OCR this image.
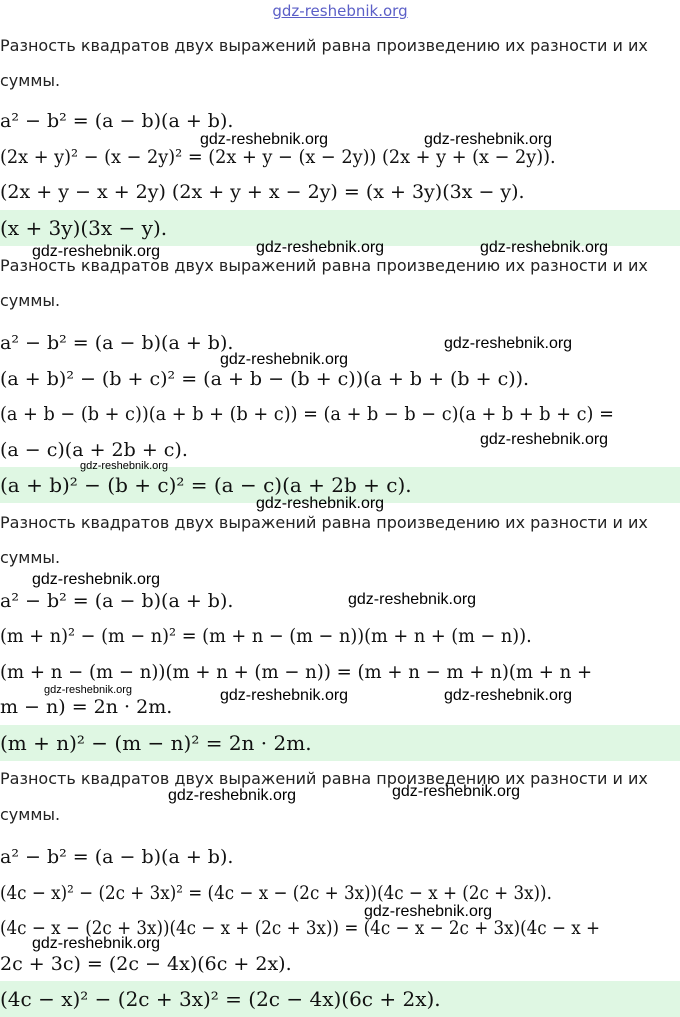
gdz-reshebnik.org
Разность квадратов двух выражений равна произведению их разности и их
суммы.
a² − b² = (a − b)(a + b).
(2x + y)² − (x − 2y)² = (2x + y − (x − 2y)) (2x + y + (x − 2y)).
(2x + y − x + 2y) (2x + y + x − 2y) = (x + 3y)(3x − y).
(x + 3y)(3x − y).
Разность квадратов двух выражений равна произведению их разности и их
суммы.
a² − b² = (a − b)(a + b).
(a + b)² − (b + c)² = (a + b − (b + c))(a + b + (b + c)).
(a + b − (b + c))(a + b + (b + c)) = (a + b − b − c)(a + b + b + c) =
(a − c)(a + 2b + c).
(a + b)² − (b + c)² = (a − c)(a + 2b + c).
Разность квадратов двух выражений равна произведению их разности и их
суммы.
a² − b² = (a − b)(a + b).
(m + n)² − (m − n)² = (m + n − (m − n))(m + n + (m − n)).
(m + n − (m − n))(m + n + (m − n)) = (m + n − m + n)(m + n +
m − n) = 2n · 2m.
(m + n)² − (m − n)² = 2n · 2m.
Разность квадратов двух выражений равна произведению их разности и их
суммы.
a² − b² = (a − b)(a + b).
(4c − x)² − (2c + 3x)² = (4c − x − (2c + 3x))(4c − x + (2c + 3x)).
(4c − x − (2c + 3x))(4c − x + (2c + 3x)) = (4c − x − 2c + 3x)(4c − x +
2c + 3c) = (2c − 4x)(6c + 2x).
(4c − x)² − (2c + 3x)² = (2c − 4x)(6c + 2x).
gdz-reshebnik.org	gdz-reshebnik.org
gdz-reshebnik.org	gdz-reshebnik.org	gdz-reshebnik.org
gdz-reshebnik.org
gdz-reshebnik.org
gdz-reshebnik.org
gdz-reshebnik.org
gdz-reshebnik.org
gdz-reshebnik.org
gdz-reshebnik.org
gdz-reshebnik.org	gdz-reshebnik.org	gdz-reshebnik.org
gdz-reshebnik.org	gdz-reshebnik.org
gdz-reshebnik.org
gdz-reshebnik.org
